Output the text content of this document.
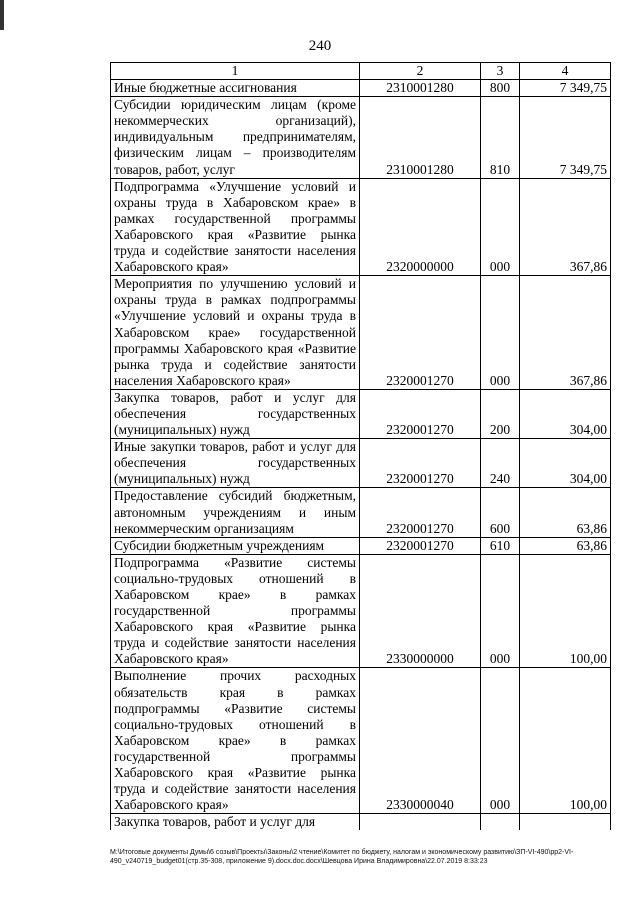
240
1	2	3	4
Иные бюджетные ассигнования	2310001280	800	7 349,75
Субсидии юридическим лицам (кроме некоммерческих организаций), индивидуальным предпринимателям, физическим лицам – производителям товаров, работ, услуг	2310001280	810	7 349,75
Подпрограмма «Улучшение условий и охраны труда в Хабаровском крае» в рамках государственной программы Хабаровского края «Развитие рынка труда и содействие занятости населения Хабаровского края»	2320000000	000	367,86
Мероприятия по улучшению условий и охраны труда в рамках подпрограммы «Улучшение условий и охраны труда в Хабаровском крае» государственной программы Хабаровского края «Развитие рынка труда и содействие занятости населения Хабаровского края»	2320001270	000	367,86
Закупка товаров, работ и услуг для обеспечения государственных (муниципальных) нужд	2320001270	200	304,00
Иные закупки товаров, работ и услуг для обеспечения государственных (муниципальных) нужд	2320001270	240	304,00
Предоставление субсидий бюджетным, автономным учреждениям и иным некоммерческим организациям	2320001270	600	63,86
Субсидии бюджетным учреждениям	2320001270	610	63,86
Подпрограмма «Развитие системы социально-трудовых отношений в Хабаровском крае» в рамках государственной программы Хабаровского края «Развитие рынка труда и содействие занятости населения Хабаровского края»	2330000000	000	100,00
Выполнение прочих расходных обязательств края в рамках подпрограммы «Развитие системы социально-трудовых отношений в Хабаровском крае» в рамках государственной программы Хабаровского края «Развитие рынка труда и содействие занятости населения Хабаровского края»	2330000040	000	100,00
Закупка товаров, работ и услуг для			
M:\Итоговые документы Думы\6 созыв\Проекты\Законы\2 чтение\Комитет по бюджету, налогам и экономическому развитию\ЗП-VI-490\pp2-VI-490_v240719_budget01(стр.35-308, приложение 9).docx.doc.docx\Шевцова Ирина Владимировна\22.07.2019 8:33:23
